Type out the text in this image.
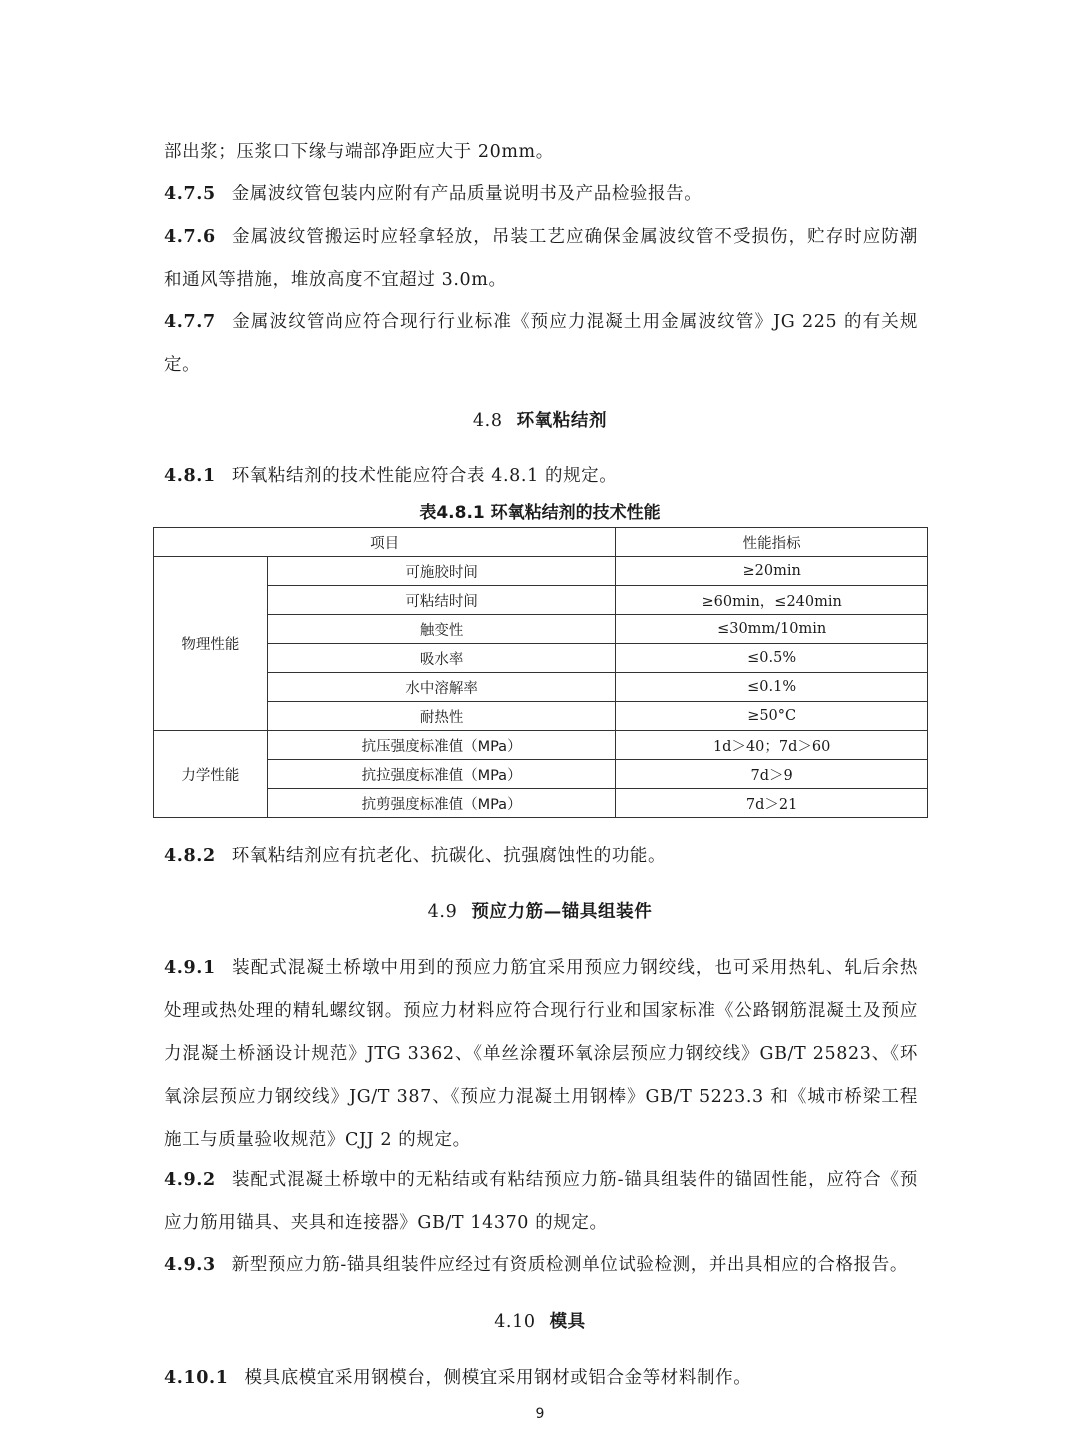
部出浆；压浆口下缘与端部净距应大于 20mm。
4.7.5 金属波纹管包装内应附有产品质量说明书及产品检验报告。
4.7.6 金属波纹管搬运时应轻拿轻放，吊装工艺应确保金属波纹管不受损伤，贮存时应防潮和通风等措施，堆放高度不宜超过 3.0m。
4.7.7 金属波纹管尚应符合现行行业标准《预应力混凝土用金属波纹管》JG 225 的有关规定。
4.8 环氧粘结剂
4.8.1 环氧粘结剂的技术性能应符合表 4.8.1 的规定。
表4.8.1 环氧粘结剂的技术性能
项目		性能指标
物理性能	可施胶时间	≥20min
	可粘结时间	≥60min，≤240min
	触变性	≤30mm/10min
	吸水率	≤0.5%
	水中溶解率	≤0.1%
	耐热性	≥50°C
力学性能	抗压强度标准值（MPa）	1d＞40；7d＞60
	抗拉强度标准值（MPa）	7d＞9
	抗剪强度标准值（MPa）	7d＞21
4.8.2 环氧粘结剂应有抗老化、抗碳化、抗强腐蚀性的功能。
4.9 预应力筋—锚具组装件
4.9.1 装配式混凝土桥墩中用到的预应力筋宜采用预应力钢绞线，也可采用热轧、轧后余热处理或热处理的精轧螺纹钢。预应力材料应符合现行行业和国家标准《公路钢筋混凝土及预应力混凝土桥涵设计规范》JTG 3362、《单丝涂覆环氧涂层预应力钢绞线》GB/T 25823、《环氧涂层预应力钢绞线》JG/T 387、《预应力混凝土用钢棒》GB/T 5223.3 和《城市桥梁工程施工与质量验收规范》CJJ 2 的规定。
4.9.2 装配式混凝土桥墩中的无粘结或有粘结预应力筋-锚具组装件的锚固性能，应符合《预应力筋用锚具、夹具和连接器》GB/T 14370 的规定。
4.9.3 新型预应力筋-锚具组装件应经过有资质检测单位试验检测，并出具相应的合格报告。
4.10 模具
4.10.1 模具底模宜采用钢模台，侧模宜采用钢材或铝合金等材料制作。
9
